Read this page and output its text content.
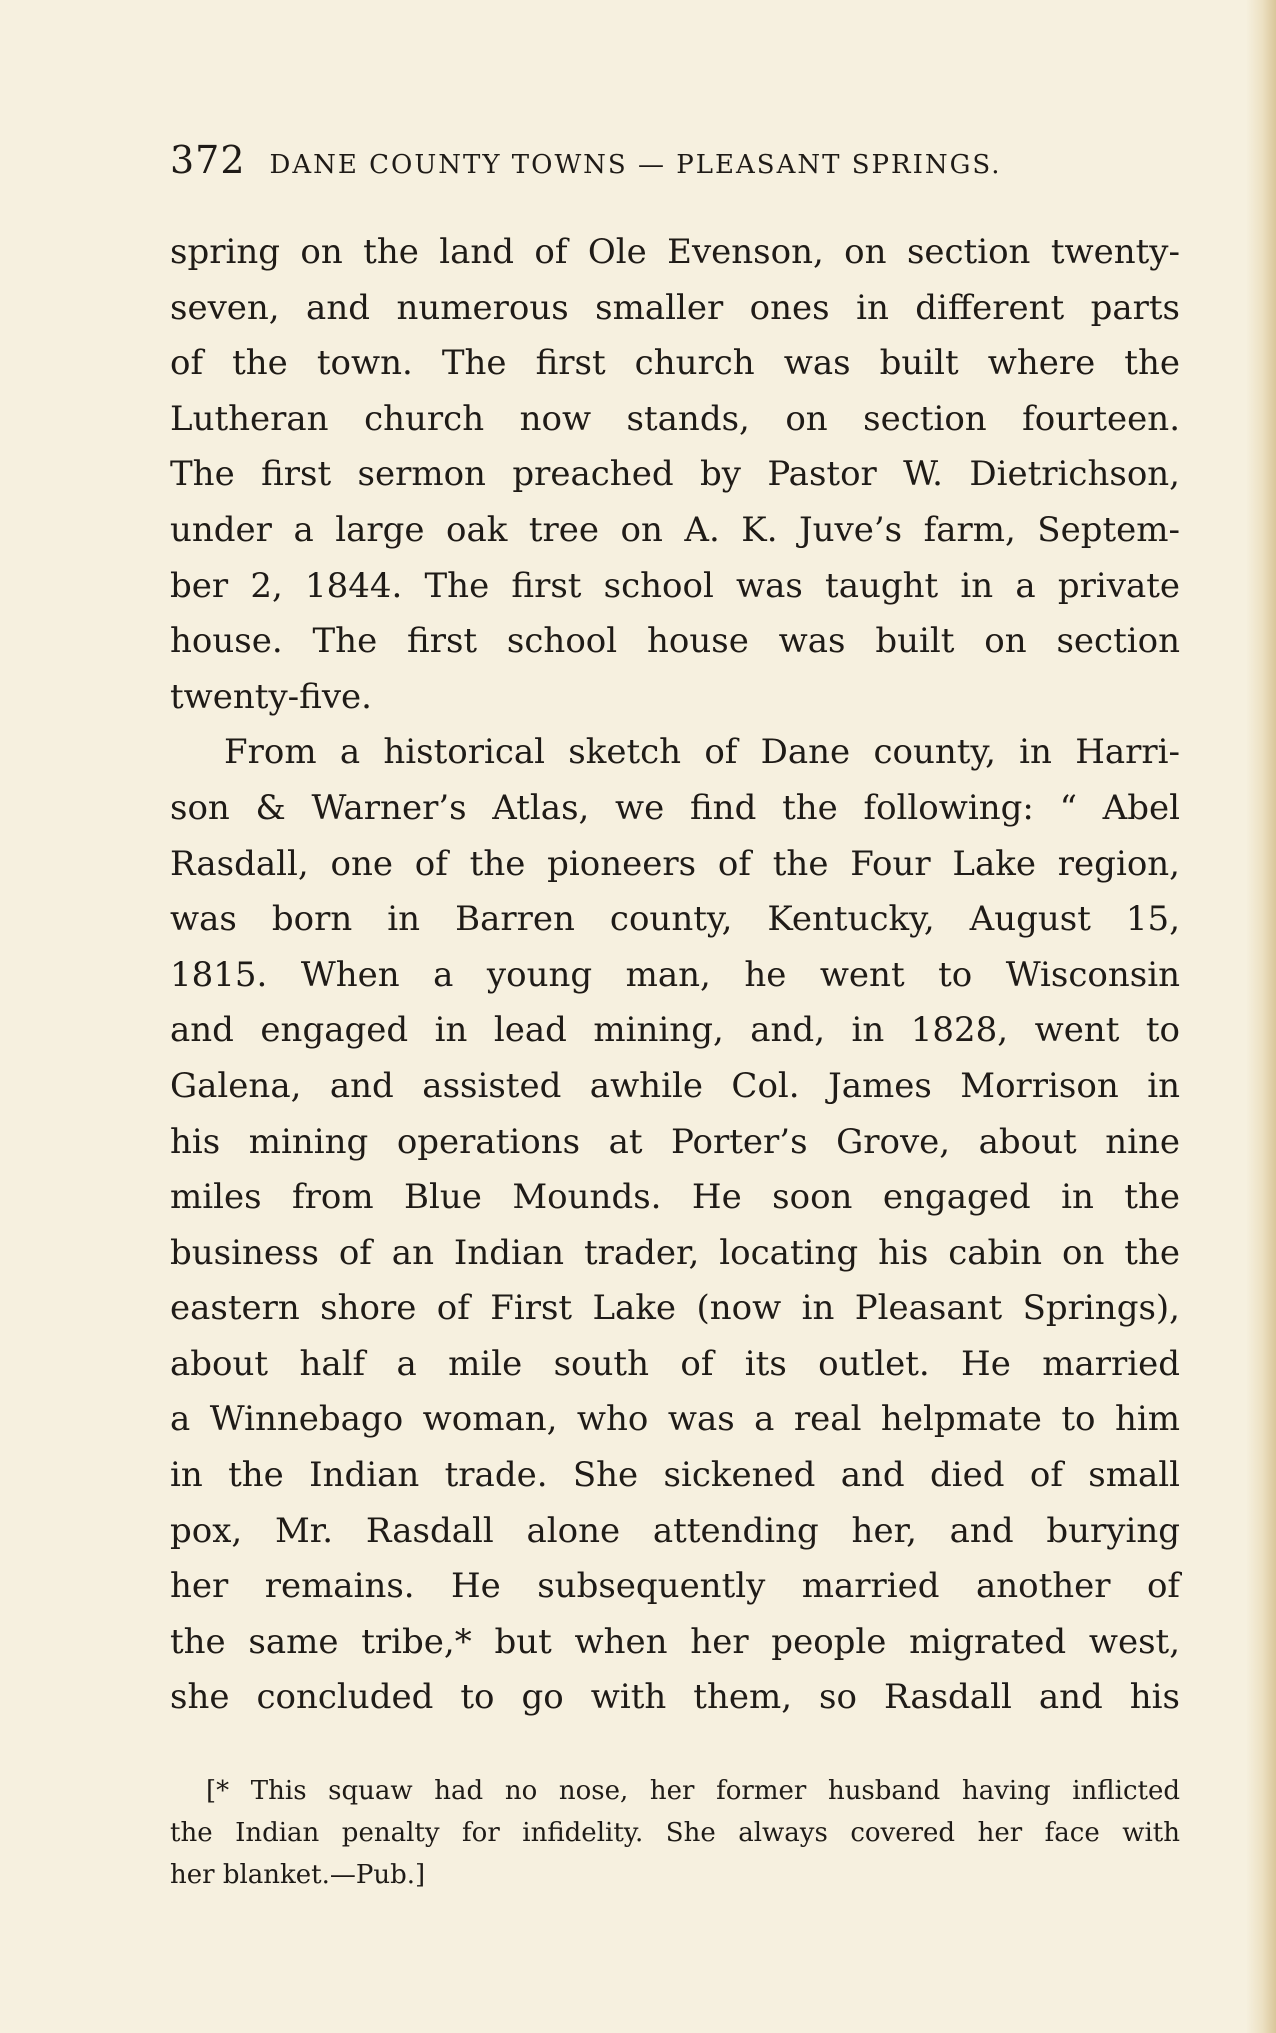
372 DANE COUNTY TOWNS — PLEASANT SPRINGS.
spring on the land of Ole Evenson, on section twenty-
seven, and numerous smaller ones in different parts
of the town. The first church was built where the
Lutheran church now stands, on section fourteen.
The first sermon preached by Pastor W. Dietrichson,
under a large oak tree on A. K. Juve’s farm, Septem-
ber 2, 1844. The first school was taught in a private
house. The first school house was built on section
twenty-five.
From a historical sketch of Dane county, in Harri-
son & Warner’s Atlas, we find the following: “ Abel
Rasdall, one of the pioneers of the Four Lake region,
was born in Barren county, Kentucky, August 15,
1815. When a young man, he went to Wisconsin
and engaged in lead mining, and, in 1828, went to
Galena, and assisted awhile Col. James Morrison in
his mining operations at Porter’s Grove, about nine
miles from Blue Mounds. He soon engaged in the
business of an Indian trader, locating his cabin on the
eastern shore of First Lake (now in Pleasant Springs),
about half a mile south of its outlet. He married
a Winnebago woman, who was a real helpmate to him
in the Indian trade. She sickened and died of small
pox, Mr. Rasdall alone attending her, and burying
her remains. He subsequently married another of
the same tribe,* but when her people migrated west,
she concluded to go with them, so Rasdall and his
[* This squaw had no nose, her former husband having inflicted
the Indian penalty for infidelity. She always covered her face with
her blanket.—Pub.]
